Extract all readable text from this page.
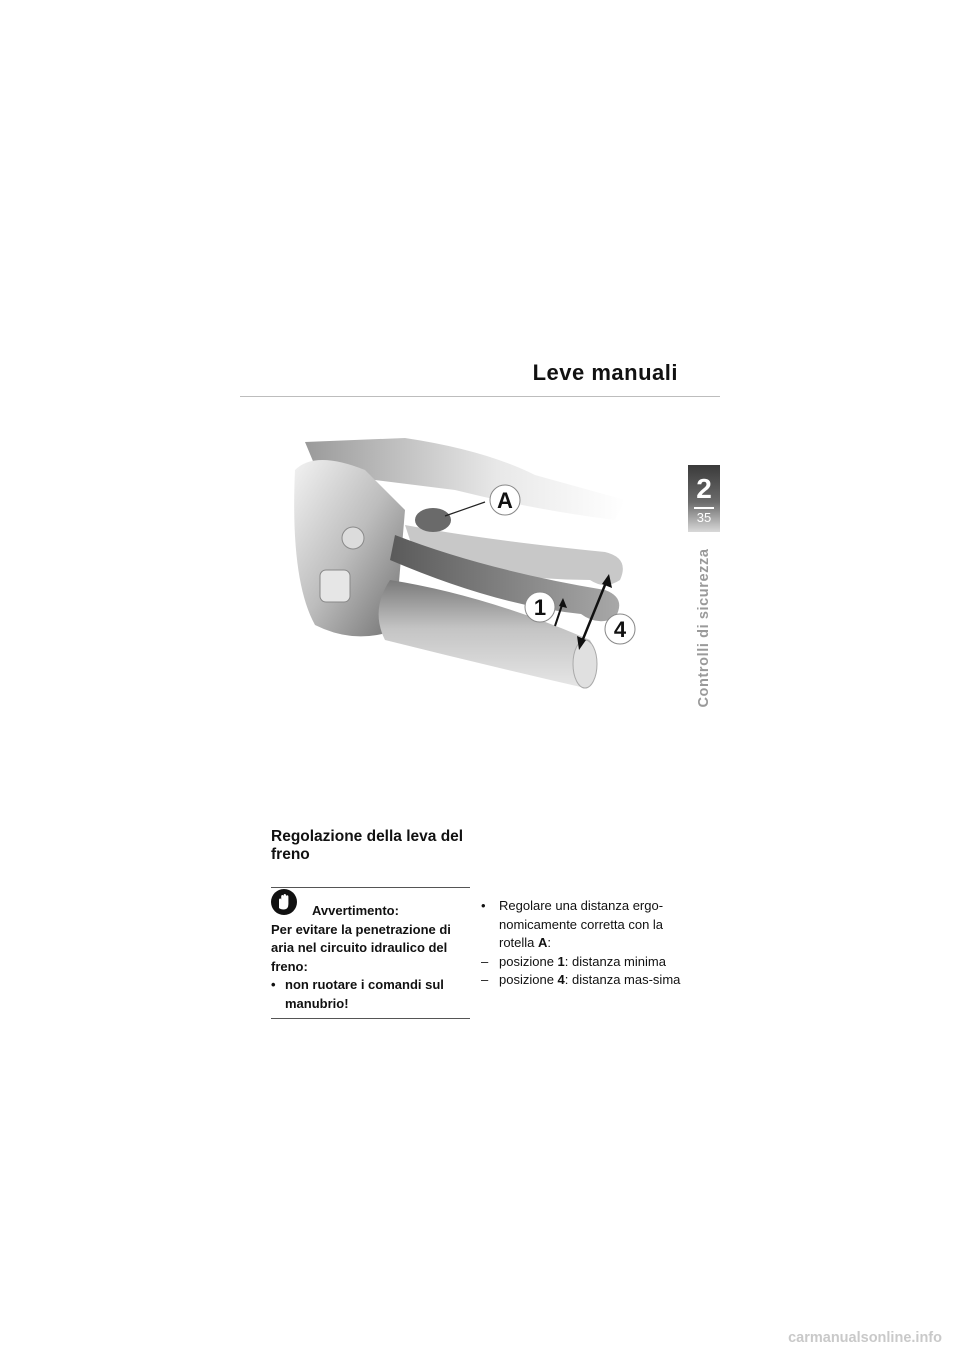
Leve manuali
2
35
Controlli di sicurezza
A
1
4
Regolazione della leva del freno
Avvertimento:
Per evitare la penetrazione di aria nel circuito idraulico del freno:
• non ruotare i comandi sul manubrio!
• Regolare una distanza ergo-nomicamente corretta con la rotella A:
– posizione 1: distanza minima
– posizione 4: distanza mas-sima
carmanualsonline.info
